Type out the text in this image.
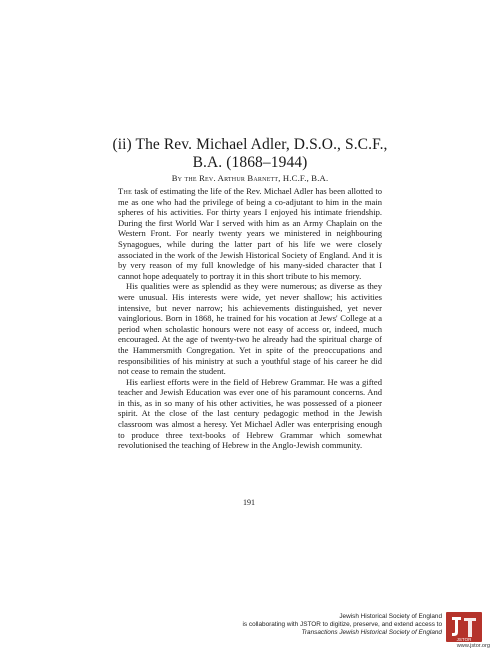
(ii) The Rev. Michael Adler, D.S.O., S.C.F.,
B.A. (1868–1944)
By the Rev. Arthur Barnett, H.C.F., B.A.

The task of estimating the life of the Rev. Michael Adler has been allotted to me as one who had the privilege of being a co-adjutant to him in the main spheres of his activities. For thirty years I enjoyed his intimate friendship. During the first World War I served with him as an Army Chaplain on the Western Front. For nearly twenty years we ministered in neighbouring Synagogues, while during the latter part of his life we were closely associated in the work of the Jewish Historical Society of England. And it is by very reason of my full knowledge of his many-sided character that I cannot hope adequately to portray it in this short tribute to his memory.

His qualities were as splendid as they were numerous; as diverse as they were unusual. His interests were wide, yet never shallow; his activities intensive, but never narrow; his achievements distinguished, yet never vainglorious. Born in 1868, he trained for his vocation at Jews' College at a period when scholastic honours were not easy of access or, indeed, much encouraged. At the age of twenty-two he already had the spiritual charge of the Hammersmith Congregation. Yet in spite of the preoccupations and responsibilities of his ministry at such a youthful stage of his career he did not cease to remain the student.

His earliest efforts were in the field of Hebrew Grammar. He was a gifted teacher and Jewish Education was ever one of his paramount concerns. And in this, as in so many of his other activities, he was possessed of a pioneer spirit. At the close of the last century pedagogic method in the Jewish classroom was almost a heresy. Yet Michael Adler was enterprising enough to produce three text-books of Hebrew Grammar which somewhat revolutionised the teaching of Hebrew in the Anglo-Jewish community.

191
Jewish Historical Society of England
is collaborating with JSTOR to digitize, preserve, and extend access to
Transactions Jewish Historical Society of England
JSTOR
www.jstor.org
